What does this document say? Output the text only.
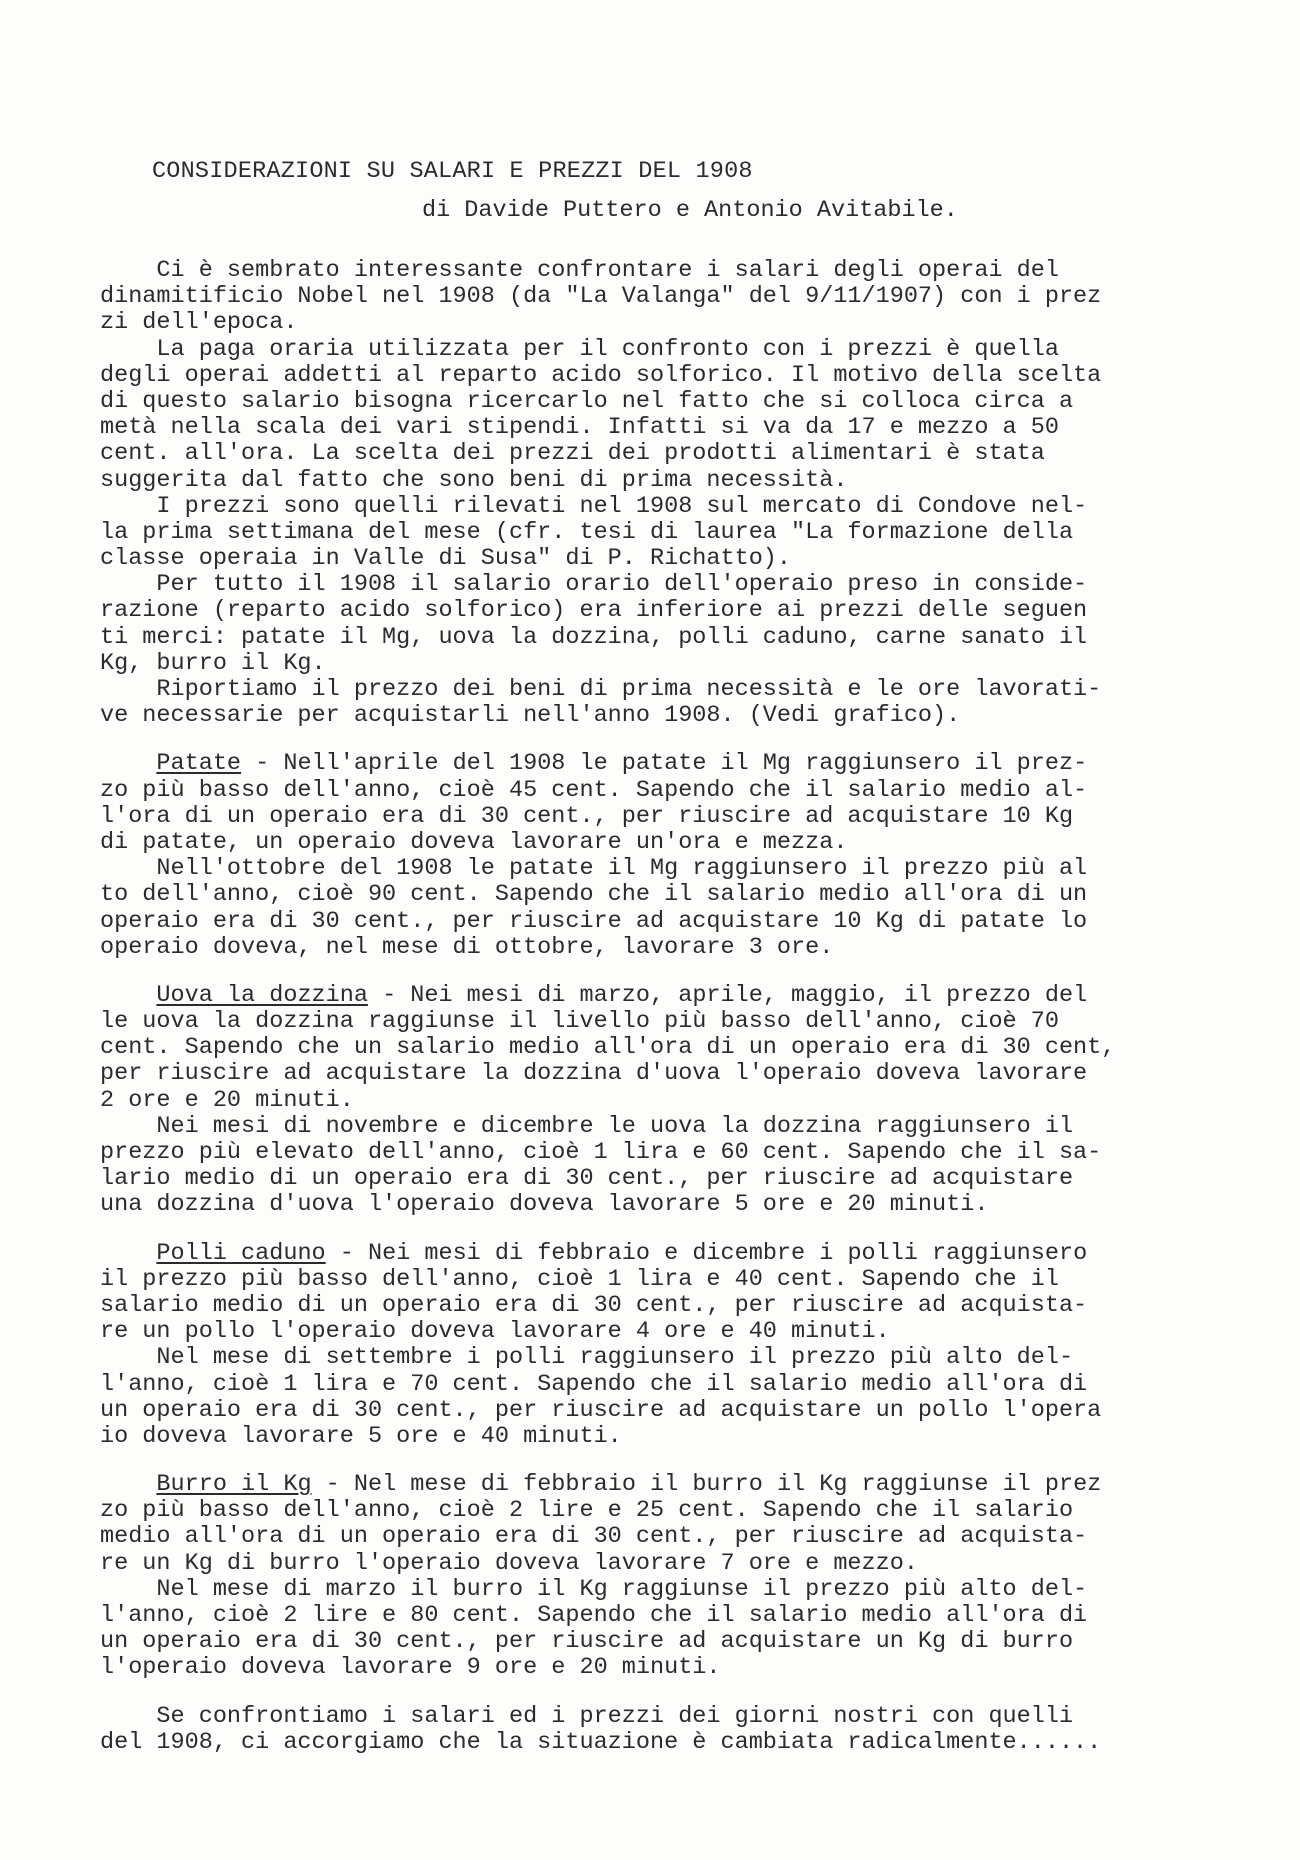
CONSIDERAZIONI SU SALARI E PREZZI DEL 1908
di Davide Puttero e Antonio Avitabile.
Ci è sembrato interessante confrontare i salari degli operai del
dinamitificio Nobel nel 1908 (da "La Valanga" del 9/11/1907) con i prez
zi dell'epoca.
La paga oraria utilizzata per il confronto con i prezzi è quella
degli operai addetti al reparto acido solforico. Il motivo della scelta
di questo salario bisogna ricercarlo nel fatto che si colloca circa a
metà nella scala dei vari stipendi. Infatti si va da 17 e mezzo a 50
cent. all'ora. La scelta dei prezzi dei prodotti alimentari è stata
suggerita dal fatto che sono beni di prima necessità.
I prezzi sono quelli rilevati nel 1908 sul mercato di Condove nel-
la prima settimana del mese (cfr. tesi di laurea "La formazione della
classe operaia in Valle di Susa" di P. Richatto).
Per tutto il 1908 il salario orario dell'operaio preso in conside-
razione (reparto acido solforico) era inferiore ai prezzi delle seguen
ti merci: patate il Mg, uova la dozzina, polli caduno, carne sanato il
Kg, burro il Kg.
Riportiamo il prezzo dei beni di prima necessità e le ore lavorati-
ve necessarie per acquistarli nell'anno 1908. (Vedi grafico).
Patate - Nell'aprile del 1908 le patate il Mg raggiunsero il prez-
zo più basso dell'anno, cioè 45 cent. Sapendo che il salario medio al-
l'ora di un operaio era di 30 cent., per riuscire ad acquistare 10 Kg
di patate, un operaio doveva lavorare un'ora e mezza.
Nell'ottobre del 1908 le patate il Mg raggiunsero il prezzo più al
to dell'anno, cioè 90 cent. Sapendo che il salario medio all'ora di un
operaio era di 30 cent., per riuscire ad acquistare 10 Kg di patate lo
operaio doveva, nel mese di ottobre, lavorare 3 ore.
Uova la dozzina - Nei mesi di marzo, aprile, maggio, il prezzo del
le uova la dozzina raggiunse il livello più basso dell'anno, cioè 70
cent. Sapendo che un salario medio all'ora di un operaio era di 30 cent,
per riuscire ad acquistare la dozzina d'uova l'operaio doveva lavorare
2 ore e 20 minuti.
Nei mesi di novembre e dicembre le uova la dozzina raggiunsero il
prezzo più elevato dell'anno, cioè 1 lira e 60 cent. Sapendo che il sa-
lario medio di un operaio era di 30 cent., per riuscire ad acquistare
una dozzina d'uova l'operaio doveva lavorare 5 ore e 20 minuti.
Polli caduno - Nei mesi di febbraio e dicembre i polli raggiunsero
il prezzo più basso dell'anno, cioè 1 lira e 40 cent. Sapendo che il
salario medio di un operaio era di 30 cent., per riuscire ad acquista-
re un pollo l'operaio doveva lavorare 4 ore e 40 minuti.
Nel mese di settembre i polli raggiunsero il prezzo più alto del-
l'anno, cioè 1 lira e 70 cent. Sapendo che il salario medio all'ora di
un operaio era di 30 cent., per riuscire ad acquistare un pollo l'opera
io doveva lavorare 5 ore e 40 minuti.
Burro il Kg - Nel mese di febbraio il burro il Kg raggiunse il prez
zo più basso dell'anno, cioè 2 lire e 25 cent. Sapendo che il salario
medio all'ora di un operaio era di 30 cent., per riuscire ad acquista-
re un Kg di burro l'operaio doveva lavorare 7 ore e mezzo.
Nel mese di marzo il burro il Kg raggiunse il prezzo più alto del-
l'anno, cioè 2 lire e 80 cent. Sapendo che il salario medio all'ora di
un operaio era di 30 cent., per riuscire ad acquistare un Kg di burro
l'operaio doveva lavorare 9 ore e 20 minuti.
Se confrontiamo i salari ed i prezzi dei giorni nostri con quelli
del 1908, ci accorgiamo che la situazione è cambiata radicalmente......
